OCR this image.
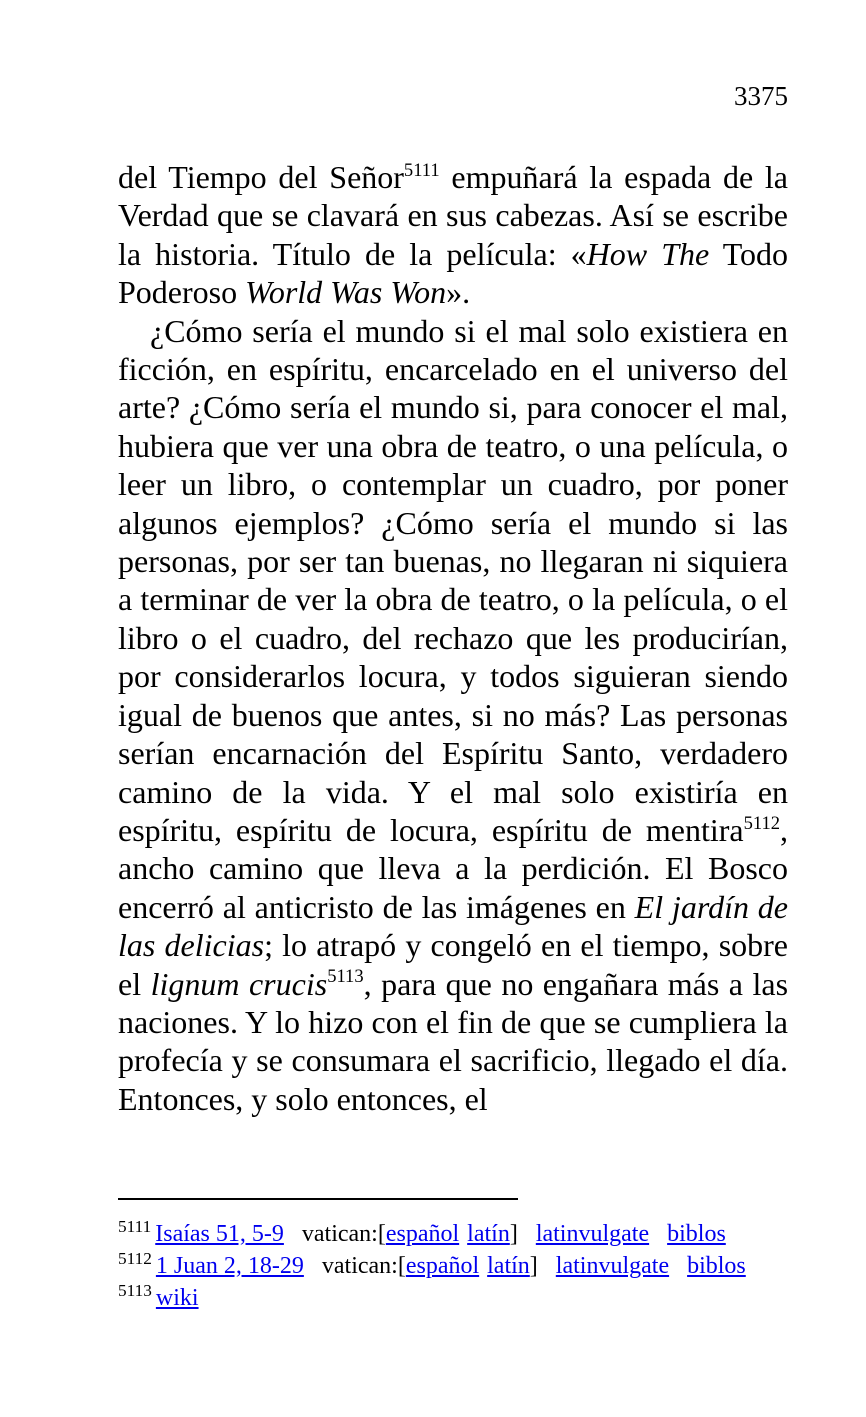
3375

del Tiempo del Señor$^{5111}$ empuñará la espada de la Verdad que se clavará en sus cabezas. Así se escribe la historia. Título de la película: «How The Todo Poderoso World Was Won».

¿Cómo sería el mundo si el mal solo existiera en ficción, en espíritu, encarcelado en el universo del arte? ¿Cómo sería el mundo si, para conocer el mal, hubiera que ver una obra de teatro, o una película, o leer un libro, o contemplar un cuadro, por poner algunos ejemplos? ¿Cómo sería el mundo si las personas, por ser tan buenas, no llegaran ni siquiera a terminar de ver la obra de teatro, o la película, o el libro o el cuadro, del rechazo que les producirían, por considerarlos locura, y todos siguieran siendo igual de buenos que antes, si no más? Las personas serían encarnación del Espíritu Santo, verdadero camino de la vida. Y el mal solo existiría en espíritu, espíritu de locura, espíritu de mentira$^{5112}$, ancho camino que lleva a la perdición. El Bosco encerró al anticristo de las imágenes en El jardín de las delicias; lo atrapó y congeló en el tiempo, sobre el lignum crucis$^{5113}$, para que no engañara más a las naciones. Y lo hizo con el fin de que se cumpliera la profecía y se consumara el sacrificio, llegado el día. Entonces, y solo entonces, el

$^{5111}$ Isaías 51, 5-9 vatican:[español latín] latinvulgate biblos
$^{5112}$ 1 Juan 2, 18-29 vatican:[español latín] latinvulgate biblos
$^{5113}$ wiki
